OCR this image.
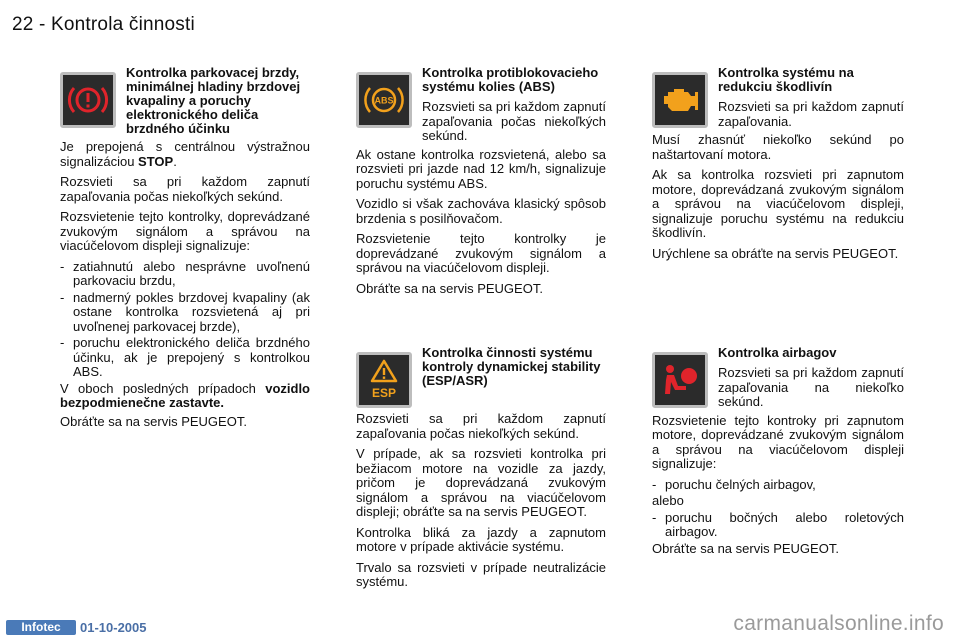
22 - Kontrola činnosti
Kontrolka parkovacej brzdy, minimálnej hladiny brzdovej kvapaliny a poruchy elektronického deliča brzdného účinku

Je prepojená s centrálnou výstražnou signalizáciou STOP.

Rozsvieti sa pri každom zapnutí zapaľovania počas niekoľkých sekúnd.

Rozsvietenie tejto kontrolky, doprevádzané zvukovým signálom a správou na viacúčelovom displeji signalizuje:

- zatiahnutú alebo nesprávne uvoľnenú parkovaciu brzdu,
- nadmerný pokles brzdovej kvapaliny (ak ostane kontrolka rozsvietená aj pri uvoľnenej parkovacej brzde),
- poruchu elektronického deliča brzdného účinku, ak je prepojený s kontrolkou ABS.

V oboch posledných prípadoch vozidlo bezpodmienečne zastavte.

Obráťte sa na servis PEUGEOT.

ABS
Kontrolka protiblokovacieho systému kolies (ABS)
Rozsvieti sa pri každom zapnutí zapaľovania počas niekoľkých sekúnd.

Ak ostane kontrolka rozsvietená, alebo sa rozsvieti pri jazde nad 12 km/h, signalizuje poruchu systému ABS.

Vozidlo si však zachováva klasický spôsob brzdenia s posilňovačom.

Rozsvietenie tejto kontrolky je doprevádzané zvukovým signálom a správou na viacúčelovom displeji.

Obráťte sa na servis PEUGEOT.

Kontrolka systému na redukciu škodlivín
Rozsvieti sa pri každom zapnutí zapaľovania.

Musí zhasnúť niekoľko sekúnd po naštartovaní motora.

Ak sa kontrolka rozsvieti pri zapnutom motore, doprevádzaná zvukovým signálom a správou na viacúčelovom displeji, signalizuje poruchu systému na redukciu škodlivín.

Urýchlene sa obráťte na servis PEUGEOT.

ESP
Kontrolka činnosti systému kontroly dynamickej stability (ESP/ASR)

Rozsvieti sa pri každom zapnutí zapaľovania počas niekoľkých sekúnd.

V prípade, ak sa rozsvieti kontrolka pri bežiacom motore na vozidle za jazdy, pričom je doprevádzaná zvukovým signálom a správou na viacúčelovom displeji; obráťte sa na servis PEUGEOT.

Kontrolka bliká za jazdy a zapnutom motore v prípade aktivácie systému.

Trvalo sa rozsvieti v prípade neutralizácie systému.

Kontrolka airbagov
Rozsvieti sa pri každom zapnutí zapaľovania na niekoľko sekúnd.

Rozsvietenie tejto kontroky pri zapnutom motore, doprevádzané zvukovým signálom a správou na viacúčelovom displeji signalizuje:

- poruchu čelných airbagov,

alebo

- poruchu bočných alebo roletových airbagov.

Obráťte sa na servis PEUGEOT.

Infotec	01-10-2005	carmanualsonline.info
